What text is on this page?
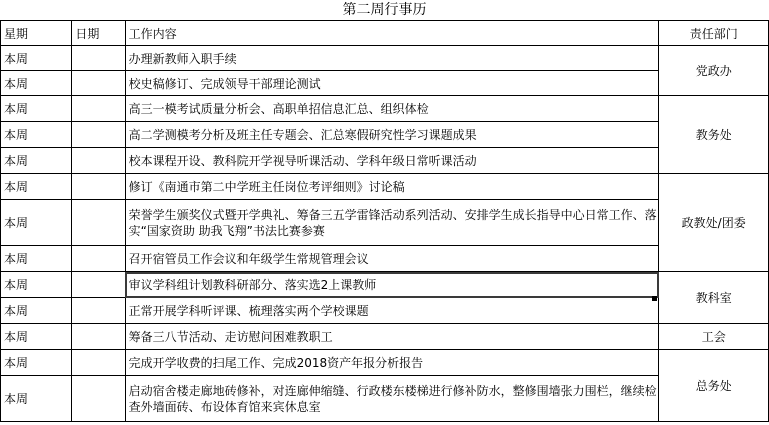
第二周行事历
星期	日期	工作内容	责任部门
本周		办理新教师入职手续	党政办
本周		校史稿修订、完成领导干部理论测试	
本周		高三一模考试质量分析会、高职单招信息汇总、组织体检	教务处
本周		高二学测模考分析及班主任专题会、汇总寒假研究性学习课题成果	
本周		校本课程开设、教科院开学视导听课活动、学科年级日常听课活动	
本周		修订《南通市第二中学班主任岗位考评细则》讨论稿	政教处/团委
本周		荣誉学生颁奖仪式暨开学典礼、筹备三五学雷锋活动系列活动、安排学生成长指导中心日常工作、落实“国家资助 助我飞翔”书法比赛参赛	
本周		召开宿管员工作会议和年级学生常规管理会议	
本周		审议学科组计划教科研部分、落实选2上课教师	教科室
本周		正常开展学科听评课、梳理落实两个学校课题	
本周		筹备三八节活动、走访慰问困难教职工	工会
本周		完成开学收费的扫尾工作、完成2018资产年报分析报告	总务处
本周		启动宿舍楼走廊地砖修补，对连廊伸缩缝、行政楼东楼梯进行修补防水，整修围墙张力围栏，继续检查外墙面砖、布设体育馆来宾休息室	
